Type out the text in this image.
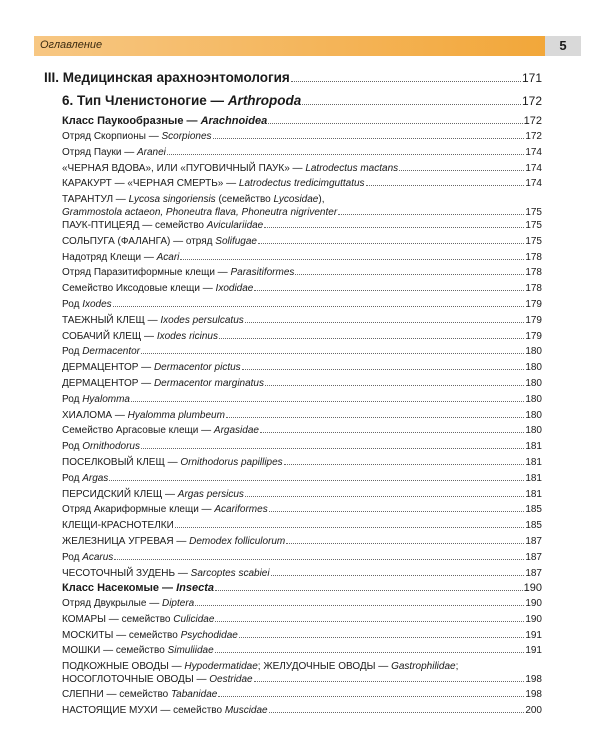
Оглавление	5
III. Медицинская арахноэнтомология	171
6. Тип Членистоногие — Arthropoda	172
Класс Паукообразные — Arachnoidea	172
Отряд Скорпионы — Scorpiones	172
Отряд Пауки — Aranei	174
«ЧЕРНАЯ ВДОВА», ИЛИ «ПУГОВИЧНЫЙ ПАУК» — Latrodectus mactans	174
КАРАКУРТ — «ЧЕРНАЯ СМЕРТЬ» — Latrodectus tredicimguttatus	174
ТАРАНТУЛ — Lycosa singoriensis (семейство Lycosidae),
Grammostola actaeon, Phoneutra flava, Phoneutra nigriventer	175
ПАУК-ПТИЦЕЯД — семейство Aviculariidae	175
СОЛЬПУГА (ФАЛАНГА) — отряд Solifugae	175
Надотряд Клещи — Acari	178
Отряд Паразитиформные клещи — Parasitiformes	178
Семейство Иксодовые клещи — Ixodidae	178
Род Ixodes	179
ТАЕЖНЫЙ КЛЕЩ — Ixodes persulcatus	179
СОБАЧИЙ КЛЕЩ — Ixodes ricinus	179
Род Dermacentor	180
ДЕРМАЦЕНТОР — Dermacentor pictus	180
ДЕРМАЦЕНТОР — Dermacentor marginatus	180
Род Hyalomma	180
ХИАЛОМА — Hyalomma plumbeum	180
Семейство Аргасовые клещи — Argasidae	180
Род Ornithodorus	181
ПОСЕЛКОВЫЙ КЛЕЩ — Ornithodorus papillipes	181
Род Argas	181
ПЕРСИДСКИЙ КЛЕЩ — Argas persicus	181
Отряд Акариформные клещи — Acariformes	185
КЛЕЩИ-КРАСНОТЕЛКИ	185
ЖЕЛЕЗНИЦА УГРЕВАЯ — Demodex folliculorum	187
Род Acarus	187
ЧЕСОТОЧНЫЙ ЗУДЕНЬ — Sarcoptes scabiei	187
Класс Насекомые — Insecta	190
Отряд Двукрылые — Diptera	190
КОМАРЫ — семейство Culicidae	190
МОСКИТЫ — семейство Psychodidae	191
МОШКИ — семейство Simuliidae	191
ПОДКОЖНЫЕ ОВОДЫ — Hypodermatidae; ЖЕЛУДОЧНЫЕ ОВОДЫ — Gastrophilidae;
НОСОГЛОТОЧНЫЕ ОВОДЫ — Oestridae	198
СЛЕПНИ — семейство Tabanidae	198
НАСТОЯЩИЕ МУХИ — семейство Muscidae	200
